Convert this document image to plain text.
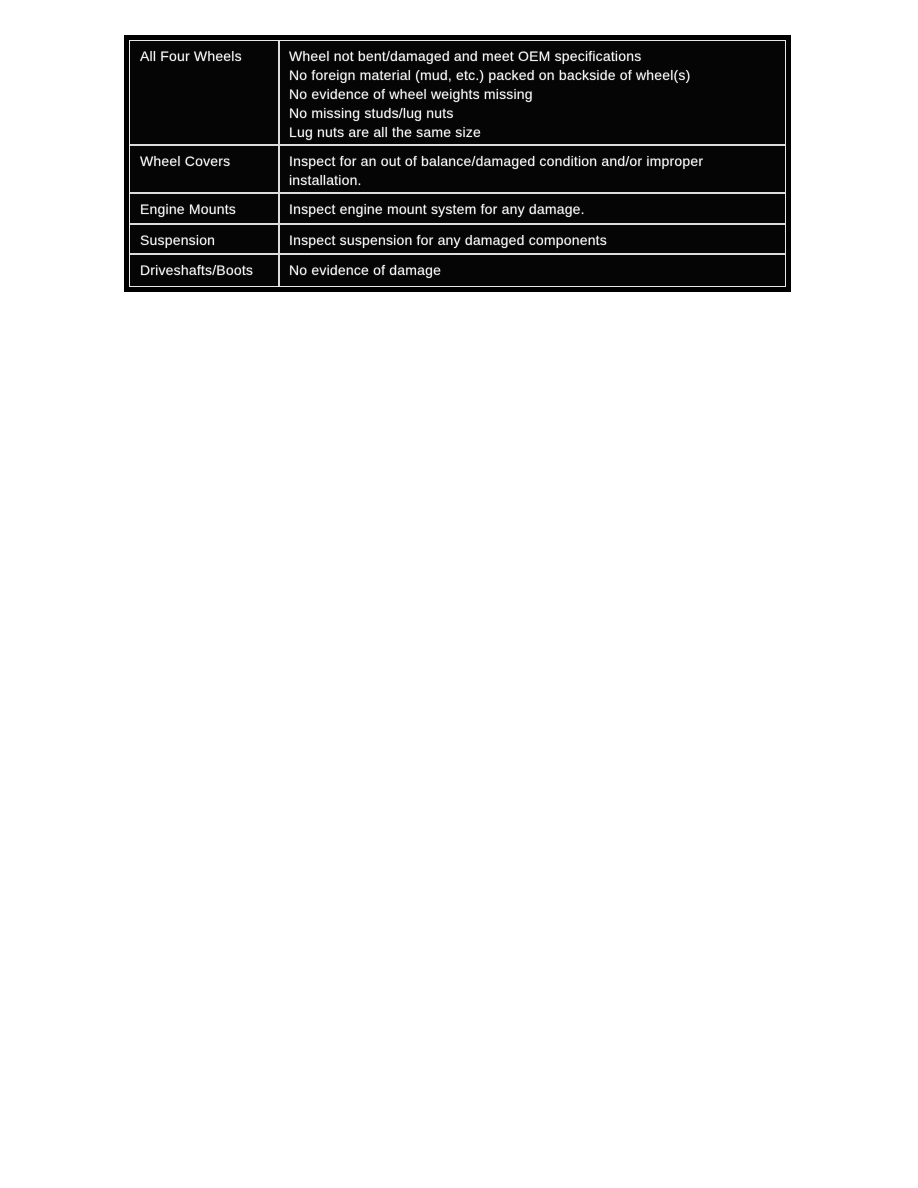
All Four Wheels	Wheel not bent/damaged and meet OEM specifications
No foreign material (mud, etc.) packed on backside of wheel(s)
No evidence of wheel weights missing
No missing studs/lug nuts
Lug nuts are all the same size
Wheel Covers	Inspect for an out of balance/damaged condition and/or improper installation.
Engine Mounts	Inspect engine mount system for any damage.
Suspension	Inspect suspension for any damaged components
Driveshafts/Boots	No evidence of damage
